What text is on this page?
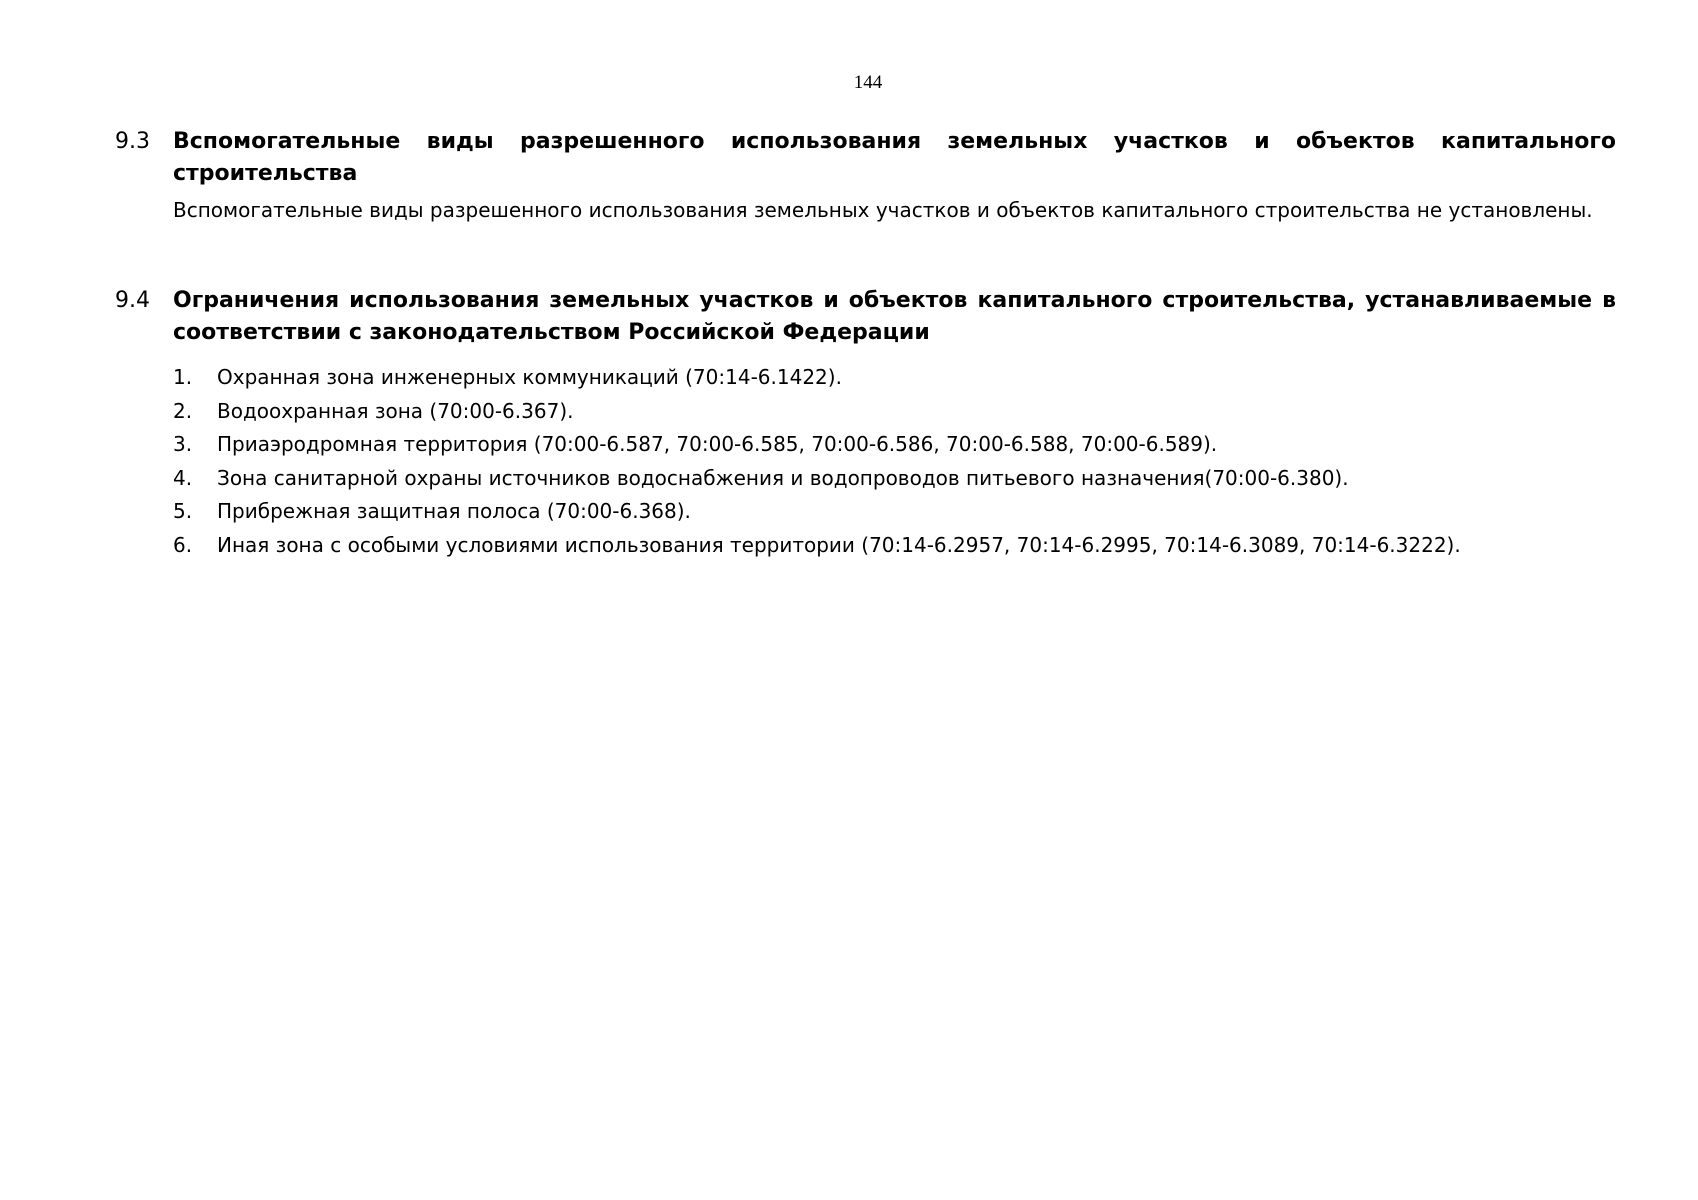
144
9.3	Вспомогательные виды разрешенного использования земельных участков и объектов капитального строительства

Вспомогательные виды разрешенного использования земельных участков и объектов капитального строительства не установлены.

9.4	Ограничения использования земельных участков и объектов капитального строительства, устанавливаемые в соответствии с законодательством Российской Федерации
1.	Охранная зона инженерных коммуникаций (70:14-6.1422).
2.	Водоохранная зона (70:00-6.367).
3.	Приаэродромная территория (70:00-6.587, 70:00-6.585, 70:00-6.586, 70:00-6.588, 70:00-6.589).
4.	Зона санитарной охраны источников водоснабжения и водопроводов питьевого назначения(70:00-6.380).
5.	Прибрежная защитная полоса (70:00-6.368).
6.	Иная зона с особыми условиями использования территории (70:14-6.2957, 70:14-6.2995, 70:14-6.3089, 70:14-6.3222).
